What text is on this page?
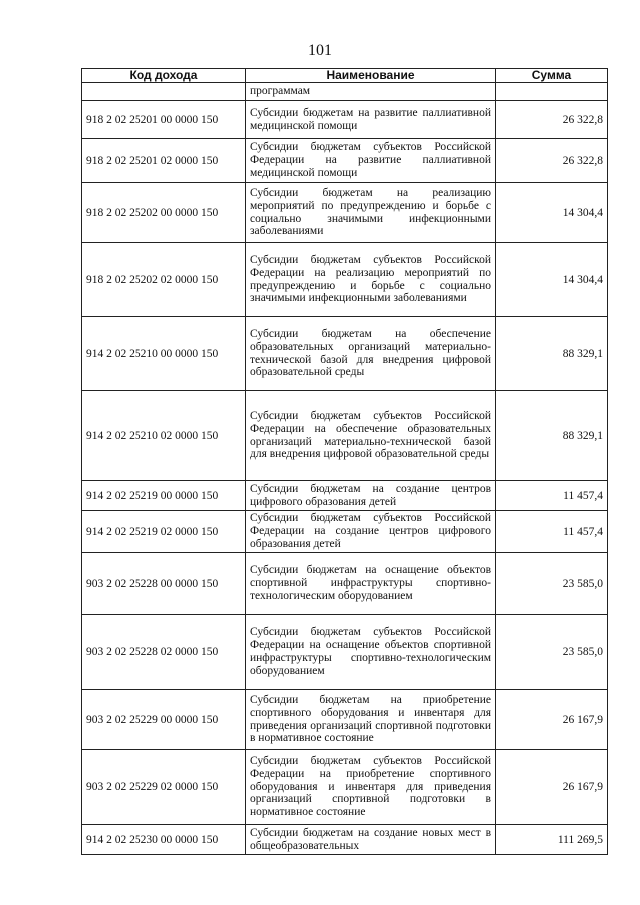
101
Код дохода	Наименование	Сумма
	программам	
918 2 02 25201 00 0000 150	Субсидии бюджетам на развитие паллиативной медицинской помощи	26 322,8
918 2 02 25201 02 0000 150	Субсидии бюджетам субъектов Российской Федерации на развитие паллиативной медицинской помощи	26 322,8
918 2 02 25202 00 0000 150	Субсидии бюджетам на реализацию мероприятий по предупреждению и борьбе с социально значимыми инфекционными заболеваниями	14 304,4
918 2 02 25202 02 0000 150	Субсидии бюджетам субъектов Российской Федерации на реализацию мероприятий по предупреждению и борьбе с социально значимыми инфекционными заболеваниями	14 304,4
914 2 02 25210 00 0000 150	Субсидии бюджетам на обеспечение образовательных организаций материально-технической базой для внедрения цифровой образовательной среды	88 329,1
914 2 02 25210 02 0000 150	Субсидии бюджетам субъектов Российской Федерации на обеспечение образовательных организаций материально-технической базой для внедрения цифровой образовательной среды	88 329,1
914 2 02 25219 00 0000 150	Субсидии бюджетам на создание центров цифрового образования детей	11 457,4
914 2 02 25219 02 0000 150	Субсидии бюджетам субъектов Российской Федерации на создание центров цифрового образования детей	11 457,4
903 2 02 25228 00 0000 150	Субсидии бюджетам на оснащение объектов спортивной инфраструктуры спортивно-технологическим оборудованием	23 585,0
903 2 02 25228 02 0000 150	Субсидии бюджетам субъектов Российской Федерации на оснащение объектов спортивной инфраструктуры спортивно-технологическим оборудованием	23 585,0
903 2 02 25229 00 0000 150	Субсидии бюджетам на приобретение спортивного оборудования и инвентаря для приведения организаций спортивной подготовки в нормативное состояние	26 167,9
903 2 02 25229 02 0000 150	Субсидии бюджетам субъектов Российской Федерации на приобретение спортивного оборудования и инвентаря для приведения организаций спортивной подготовки в нормативное состояние	26 167,9
914 2 02 25230 00 0000 150	Субсидии бюджетам на создание новых мест в общеобразовательных	111 269,5
